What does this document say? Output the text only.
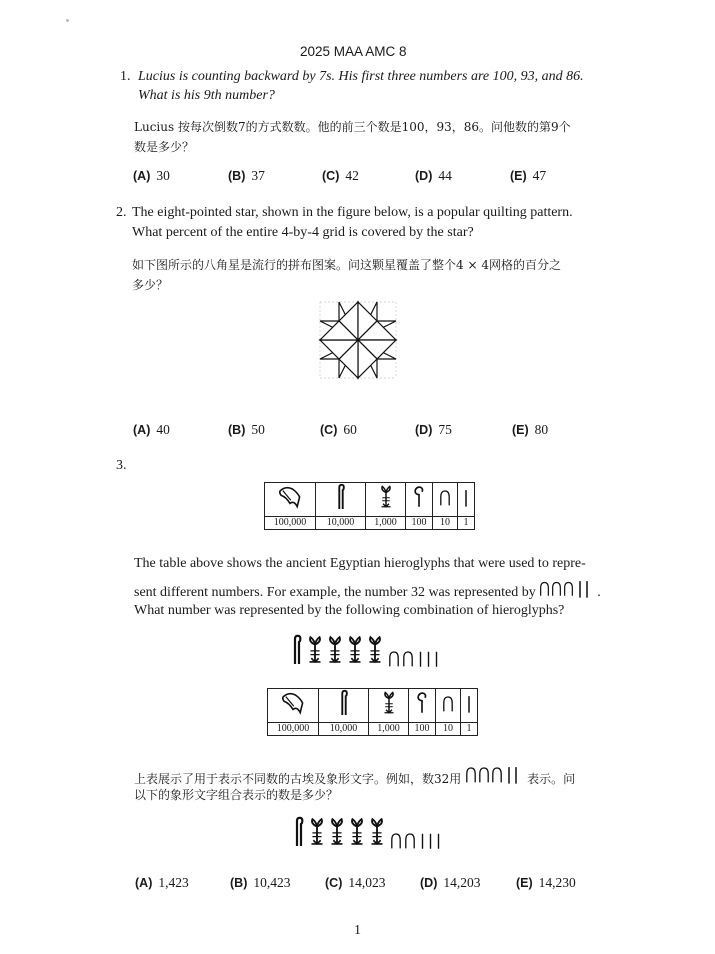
2025 MAA AMC 8
1. Lucius is counting backward by 7s. His first three numbers are 100, 93, and 86.
What is his 9th number?
Lucius 按每次倒数7的方式数数。他的前三个数是100，93，86。问他数的第9个
数是多少？
(A) 30	(B) 37	(C) 42	(D) 44	(E) 47
2. The eight-pointed star, shown in the figure below, is a popular quilting pattern.
What percent of the entire 4-by-4 grid is covered by the star?
如下图所示的八角星是流行的拼布图案。问这颗星覆盖了整个4 × 4网格的百分之
多少？
(A) 40	(B) 50	(C) 60	(D) 75	(E) 80
3.

100,000	10,000	1,000	100	10	1
The table above shows the ancient Egyptian hieroglyphs that were used to repre-
sent different numbers. For example, the number 32 was represented by	.
What number was represented by the following combination of hieroglyphs?

100,000	10,000	1,000	100	10	1
上表展示了用于表示不同数的古埃及象形文字。例如，数32用	表示。问
以下的象形文字组合表示的数是多少？
(A) 1,423	(B) 10,423	(C) 14,023	(D) 14,203	(E) 14,230
1
